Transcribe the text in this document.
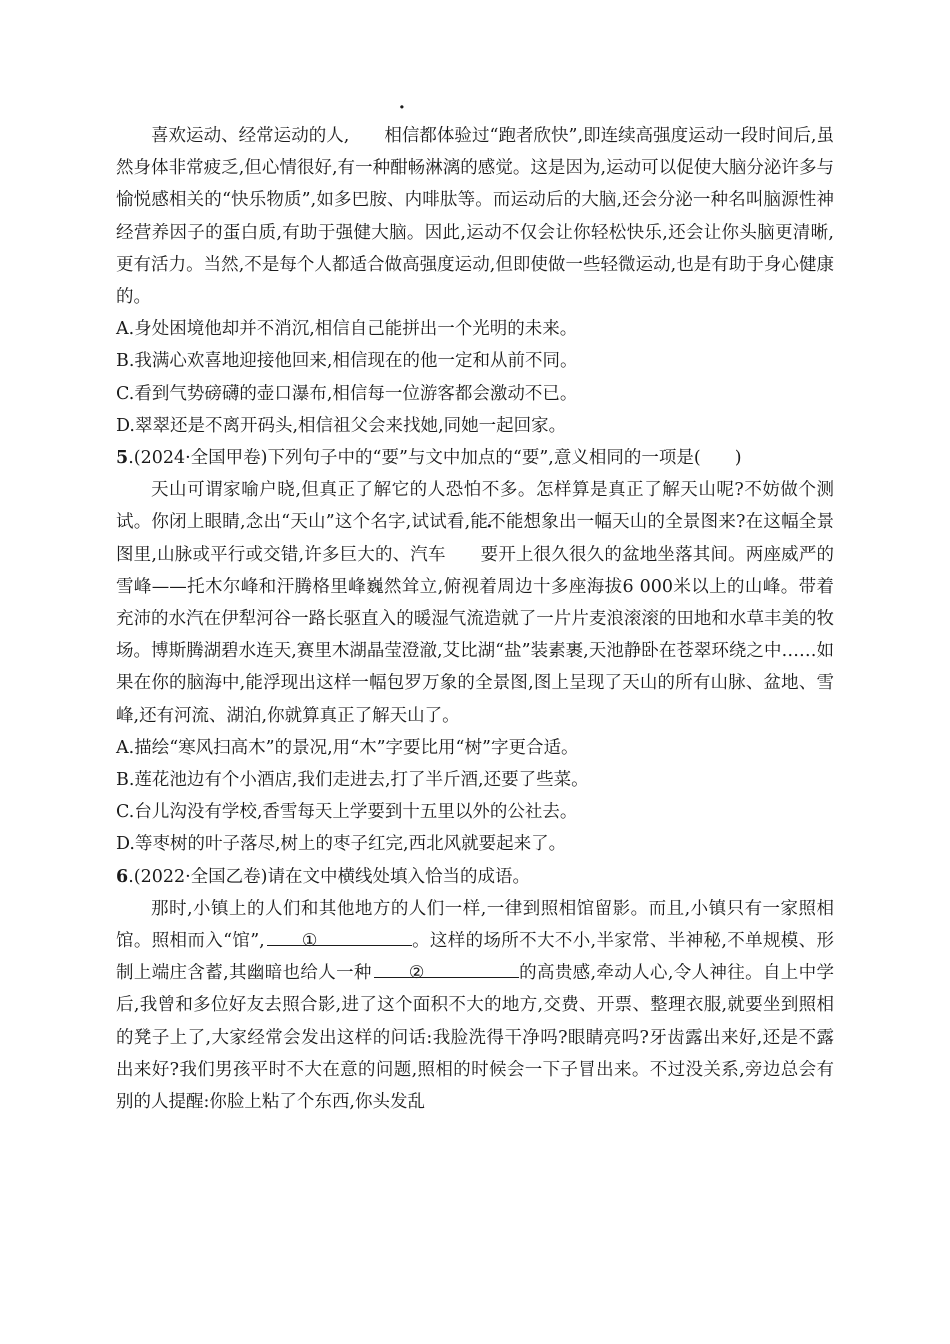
喜欢运动、经常运动的人, 相信都体验过“跑者欣快”,即连续高强度运动一段时间后,虽然身体非常疲乏,但心情很好,有一种酣畅淋漓的感觉。这是因为,运动可以促使大脑分泌许多与愉悦感相关的“快乐物质”,如多巴胺、内啡肽等。而运动后的大脑,还会分泌一种名叫脑源性神经营养因子的蛋白质,有助于强健大脑。因此,运动不仅会让你轻松快乐,还会让你头脑更清晰,更有活力。当然,不是每个人都适合做高强度运动,但即使做一些轻微运动,也是有助于身心健康的。

A.身处困境他却并不消沉,相信自己能拼出一个光明的未来。

B.我满心欢喜地迎接他回来,相信现在的他一定和从前不同。

C.看到气势磅礴的壶口瀑布,相信每一位游客都会激动不已。

D.翠翠还是不离开码头,相信祖父会来找她,同她一起回家。

5.(2024·全国甲卷)下列句子中的“要”与文中加点的“要”,意义相同的一项是( )

天山可谓家喻户晓,但真正了解它的人恐怕不多。怎样算是真正了解天山呢?不妨做个测试。你闭上眼睛,念出“天山”这个名字,试试看,能不能想象出一幅天山的全景图来?在这幅全景图里,山脉或平行或交错,许多巨大的、汽车 要开上很久很久的盆地坐落其间。两座威严的雪峰——托木尔峰和汗腾格里峰巍然耸立,俯视着周边十多座海拔6 000米以上的山峰。带着充沛的水汽在伊犁河谷一路长驱直入的暖湿气流造就了一片片麦浪滚滚的田地和水草丰美的牧场。博斯腾湖碧水连天,赛里木湖晶莹澄澈,艾比湖“盐”装素裹,天池静卧在苍翠环绕之中……如果在你的脑海中,能浮现出这样一幅包罗万象的全景图,图上呈现了天山的所有山脉、盆地、雪峰,还有河流、湖泊,你就算真正了解天山了。

A.描绘“寒风扫高木”的景况,用“木”字要比用“树”字更合适。

B.莲花池边有个小酒店,我们走进去,打了半斤酒,还要了些菜。

C.台儿沟没有学校,香雪每天上学要到十五里以外的公社去。

D.等枣树的叶子落尽,树上的枣子红完,西北风就要起来了。

6.(2022·全国乙卷)请在文中横线处填入恰当的成语。

那时,小镇上的人们和其他地方的人们一样,一律到照相馆留影。而且,小镇只有一家照相馆。照相而入“馆”, ①	。这样的场所不大不小,半家常、半神秘,不单规模、形制上端庄含蓄,其幽暗也给人一种 ②	的高贵感,牵动人心,令人神往。自上中学后,我曾和多位好友去照合影,进了这个面积不大的地方,交费、开票、整理衣服,就要坐到照相的凳子上了,大家经常会发出这样的问话:我脸洗得干净吗?眼睛亮吗?牙齿露出来好,还是不露出来好?我们男孩平时不大在意的问题,照相的时候会一下子冒出来。不过没关系,旁边总会有别的人提醒:你脸上粘了个东西,你头发乱
